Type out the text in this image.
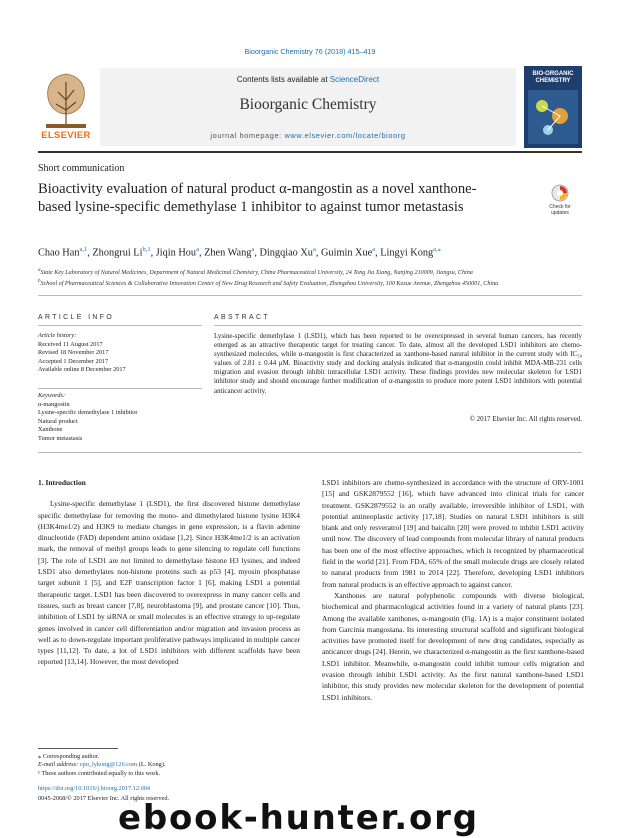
Bioorganic Chemistry 76 (2018) 415–419
ELSEVIER
Contents lists available at ScienceDirect
Bioorganic Chemistry
journal homepage: www.elsevier.com/locate/bioorg
BIO-ORGANIC
CHEMISTRY
Short communication
Bioactivity evaluation of natural product α-mangostin as a novel xanthone-based lysine-specific demethylase 1 inhibitor to against tumor metastasis	Check for
updates
Chao Han$^{a,1}$, Zhongrui Li$^{b,1}$, Jiqin Hou$^a$, Zhen Wang$^a$, Dingqiao Xu$^a$, Guimin Xue$^a$, Lingyi Kong$^{a,⁎}$
$^a$State Key Laboratory of Natural Medicines, Department of Natural Medicinal Chemistry, China Pharmaceutical University, 24 Tong Jia Xiang, Nanjing 210009, Jiangsu, China
$^b$School of Pharmaceutical Sciences & Collaborative Innovation Center of New Drug Research and Safety Evaluation, Zhengzhou University, 100 Kexue Avenue, Zhengzhou 450001, China
ARTICLE INFO	ABSTRACT
Article history:
Received 11 August 2017
Revised 18 November 2017
Accepted 1 December 2017
Available online 8 December 2017
Keywords:
α-mangostin
Lysine-specific demethylase 1 inhibitor
Natural product
Xanthone
Tumor metastasis
Lysine-specific demethylase 1 (LSD1), which has been reported to be overexpressed in several human cancers, has recently emerged as an attractive therapeutic target for treating cancer. To date, almost all the developed LSD1 inhibitors are chemo-synthesized molecules, while α-mangostin is first characterized as xanthone-based natural inhibitor in the current study with IC₅₀ values of 2.81 ± 0.44 μM. Bioactivity study and docking analysis indicated that α-mangostin could inhibit MDA-MB-231 cells migration and evasion through inhibit intracellular LSD1 activity. These findings provides new molecular skeleton for LSD1 inhibitor study and should encourage further modification of α-mangostin to produce more potent LSD1 inhibitors with potential anticancer activity.
© 2017 Elsevier Inc. All rights reserved.
1. Introduction

Lysine-specific demethylase 1 (LSD1), the first discovered histone demethylase specific demethylase for removing the mono- and dimethylated histone lysine H3K4 (H3K4me1/2) and H3K9 to mediate changes in gene expression, is a flavin adenine dinucleotide (FAD) dependent amino oxidase [1,2]. Since H3K4me1/2 is an activation mark, the removal of methyl groups leads to gene silencing to regulate cell functions [3]. The role of LSD1 are not limited to demethylase histone H3 lysines, and indeed LSD1 also demethylates non-histone proteins such as p53 [4], myosin phosphatase target subunit 1 [5], and E2F transcription factor 1 [6], making LSD1 a potential therapeutic target. LSD1 has been discovered to overexpress in many cancer cells and tissues, such as breast cancer [7,8], neuroblastoma [9], and prostate cancer [10]. Thus, inhibition of LSD1 by siRNA or small molecules is an effective strategy to up-regulate genes involved in cancer cell differentiation and/or migration and invasion process as well as to down-regulate important proliferative pathways implicated in multiple cancer types [11,12]. To date, a lot of LSD1 inhibitors with different scaffolds have been reported [13,14]. However, the most developed

LSD1 inhibitors are chemo-synthesized in accordance with the structure of ORY-1001 [15] and GSK2879552 [16], which have advanced into clinical trials for cancer treatment. GSK2879552 is an orally available, irreversible inhibitor of LSD1, with potential antineoplastic activity [17,18]. Studies on natural LSD1 inhibitors is still blank and only resveratrol [19] and baicalin [20] were proved to inhibit LSD1 activity until now. The discovery of lead compounds from molecular library of natural products has been one of the most effective approaches, which is recognized by pharmaceutical field in the world [21]. From FDA, 65% of the small molecule drugs are closely related to natural products from 1981 to 2014 [22]. Therefore, developing LSD1 inhibitors from natural products is an effective approach to against cancer.

Xanthones are natural polyphenolic compounds with diverse biological, biochemical and pharmacological activities found in a variety of natural plants [23]. Among the available xanthones, α-mangostin (Fig. 1A) is a major constituent isolated from Garcinia mangostana. Its interesting structural scaffold and significant biological activities have promoted itself for development of new drug candidates, especially as anticancer drugs [24]. Herein, we characterized α-mangostin as the first xanthone-based LSD1 inhibitor. Meanwhile, α-mangostin could inhibit tumour cells migration and evasion through inhibit LSD1 activity. As the first natural xanthone-based LSD1 inhibitor, this study provides new molecular skeleton for the development of potential LSD1 inhibitors.

⁎ Corresponding author.
E-mail address: cpu_lykong@126.com (L. Kong).
¹ These authors contributed equally to this work.
https://doi.org/10.1016/j.bioorg.2017.12.004
0045-2068/© 2017 Elsevier Inc. All rights reserved.
ebook-hunter.org
